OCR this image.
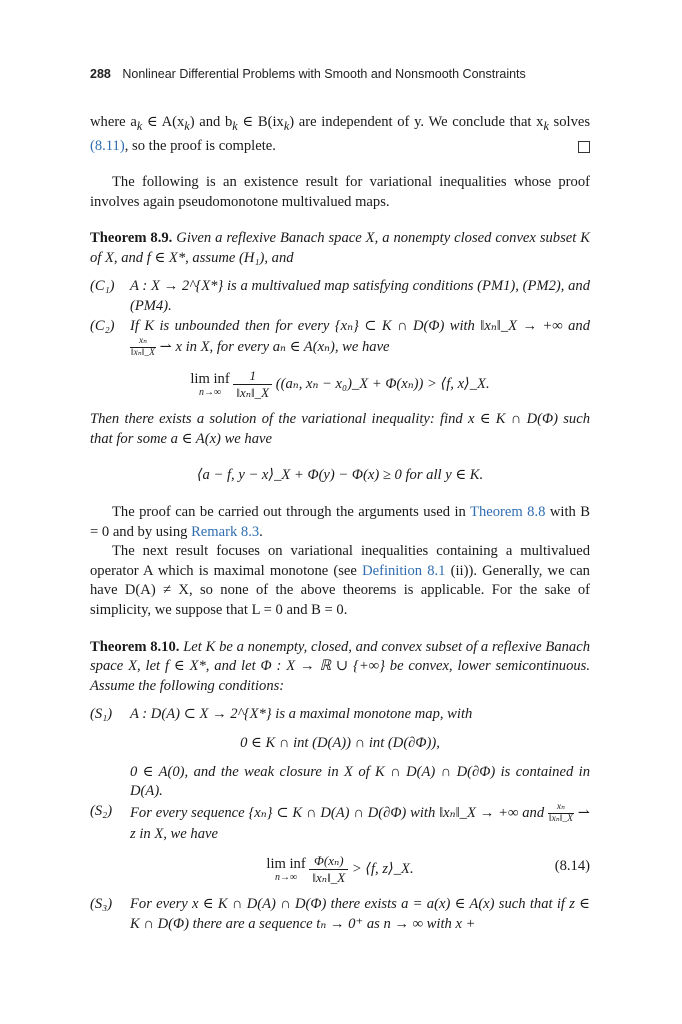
288 Nonlinear Differential Problems with Smooth and Nonsmooth Constraints

where $a_k$ ∈ $A(x_k)$ and $b_k$ ∈ $B(ix_k)$ are independent of y. We conclude that $x_k$ solves (8.11), so the proof is complete.

The following is an existence result for variational inequalities whose proof involves again pseudomonotone multivalued maps.

Theorem 8.9. Given a reflexive Banach space X, a nonempty closed convex subset K of X, and f ∈ X*, assume (H₁), and

(C₁) A : X → 2^{X*} is a multivalued map satisfying conditions (PM1), (PM2), and (PM4).
(C₂) If K is unbounded then for every {xₙ} ⊂ K ∩ D(Φ) with ‖xₙ‖_X → +∞ and
$\frac{\text{xₙ}}{\text{‖xₙ‖\_X}}$ ⇀ x in X, for every aₙ ∈ A(xₙ), we have
lim inf
n→∞
$\frac{1}{\text{‖xₙ‖\_X}} ((a_n$, xₙ − x₀)_X + Φ(xₙ)) > ⟨f, x⟩_X.

Then there exists a solution of the variational inequality: find x ∈ K ∩ D(Φ) such that for some a ∈ A(x) we have

⟨a − f, y − x⟩_X + Φ(y) − Φ(x) ≥ 0 for all y ∈ K.

The proof can be carried out through the arguments used in Theorem 8.8 with B = 0 and by using Remark 8.3.

The next result focuses on variational inequalities containing a multivalued operator A which is maximal monotone (see Definition 8.1 (ii)). Generally, we can have D(A) ≠ X, so none of the above theorems is applicable. For the sake of simplicity, we suppose that L = 0 and B = 0.

Theorem 8.10. Let K be a nonempty, closed, and convex subset of a reflexive Banach space X, let f ∈ X*, and let Φ : X → ℝ ∪ {+∞} be convex, lower semicontinuous. Assume the following conditions:

(S₁) A : D(A) ⊂ X → 2^{X*} is a maximal monotone map, with
0 ∈ K ∩ int (D(A)) ∩ int (D(∂Φ)),
0 ∈ A(0), and the weak closure in X of K ∩ D(A) ∩ D(∂Φ) is contained in D(A).
(S₂) For every sequence {xₙ} ⊂ K ∩ D(A) ∩ D(∂Φ) with ‖xₙ‖_X → +∞ and $\frac{\text{xₙ}}{\text{‖xₙ‖\_X}}$ ⇀ z in X, we have
lim inf
n→∞
$\frac{\text{Φ(xₙ)}}{\text{‖xₙ‖\_X}}$ > ⟨f, z⟩_X.	(8.14)
(S₃) For every x ∈ K ∩ D(A) ∩ D(Φ) there exists a = a(x) ∈ A(x) such that if z ∈ K ∩ D(Φ) there are a sequence tₙ → 0⁺ as n → ∞ with x +
